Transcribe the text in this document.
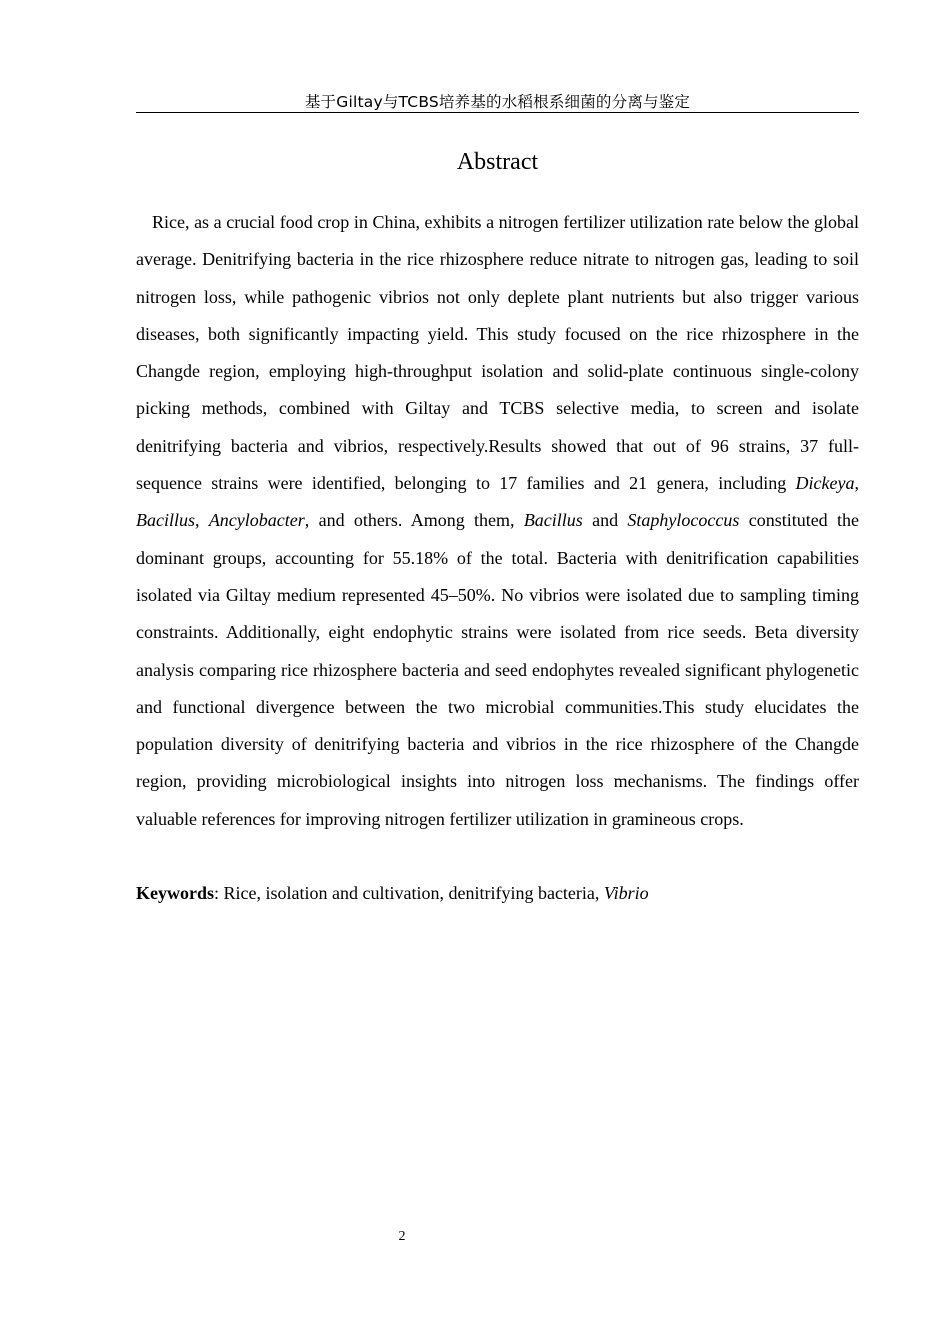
基于Giltay与TCBS培养基的水稻根系细菌的分离与鉴定
Abstract

Rice, as a crucial food crop in China, exhibits a nitrogen fertilizer utilization rate below the global average. Denitrifying bacteria in the rice rhizosphere reduce nitrate to nitrogen gas, leading to soil nitrogen loss, while pathogenic vibrios not only deplete plant nutrients but also trigger various diseases, both significantly impacting yield. This study focused on the rice rhizosphere in the Changde region, employing high-throughput isolation and solid-plate continuous single-colony picking methods, combined with Giltay and TCBS selective media, to screen and isolate denitrifying bacteria and vibrios, respectively.Results showed that out of 96 strains, 37 full-sequence strains were identified, belonging to 17 families and 21 genera, including Dickeya, Bacillus, Ancylobacter, and others. Among them, Bacillus and Staphylococcus constituted the dominant groups, accounting for 55.18% of the total. Bacteria with denitrification capabilities isolated via Giltay medium represented 45–50%. No vibrios were isolated due to sampling timing constraints. Additionally, eight endophytic strains were isolated from rice seeds. Beta diversity analysis comparing rice rhizosphere bacteria and seed endophytes revealed significant phylogenetic and functional divergence between the two microbial communities.This study elucidates the population diversity of denitrifying bacteria and vibrios in the rice rhizosphere of the Changde region, providing microbiological insights into nitrogen loss mechanisms. The findings offer valuable references for improving nitrogen fertilizer utilization in gramineous crops.

Keywords: Rice, isolation and cultivation, denitrifying bacteria, Vibrio

2
